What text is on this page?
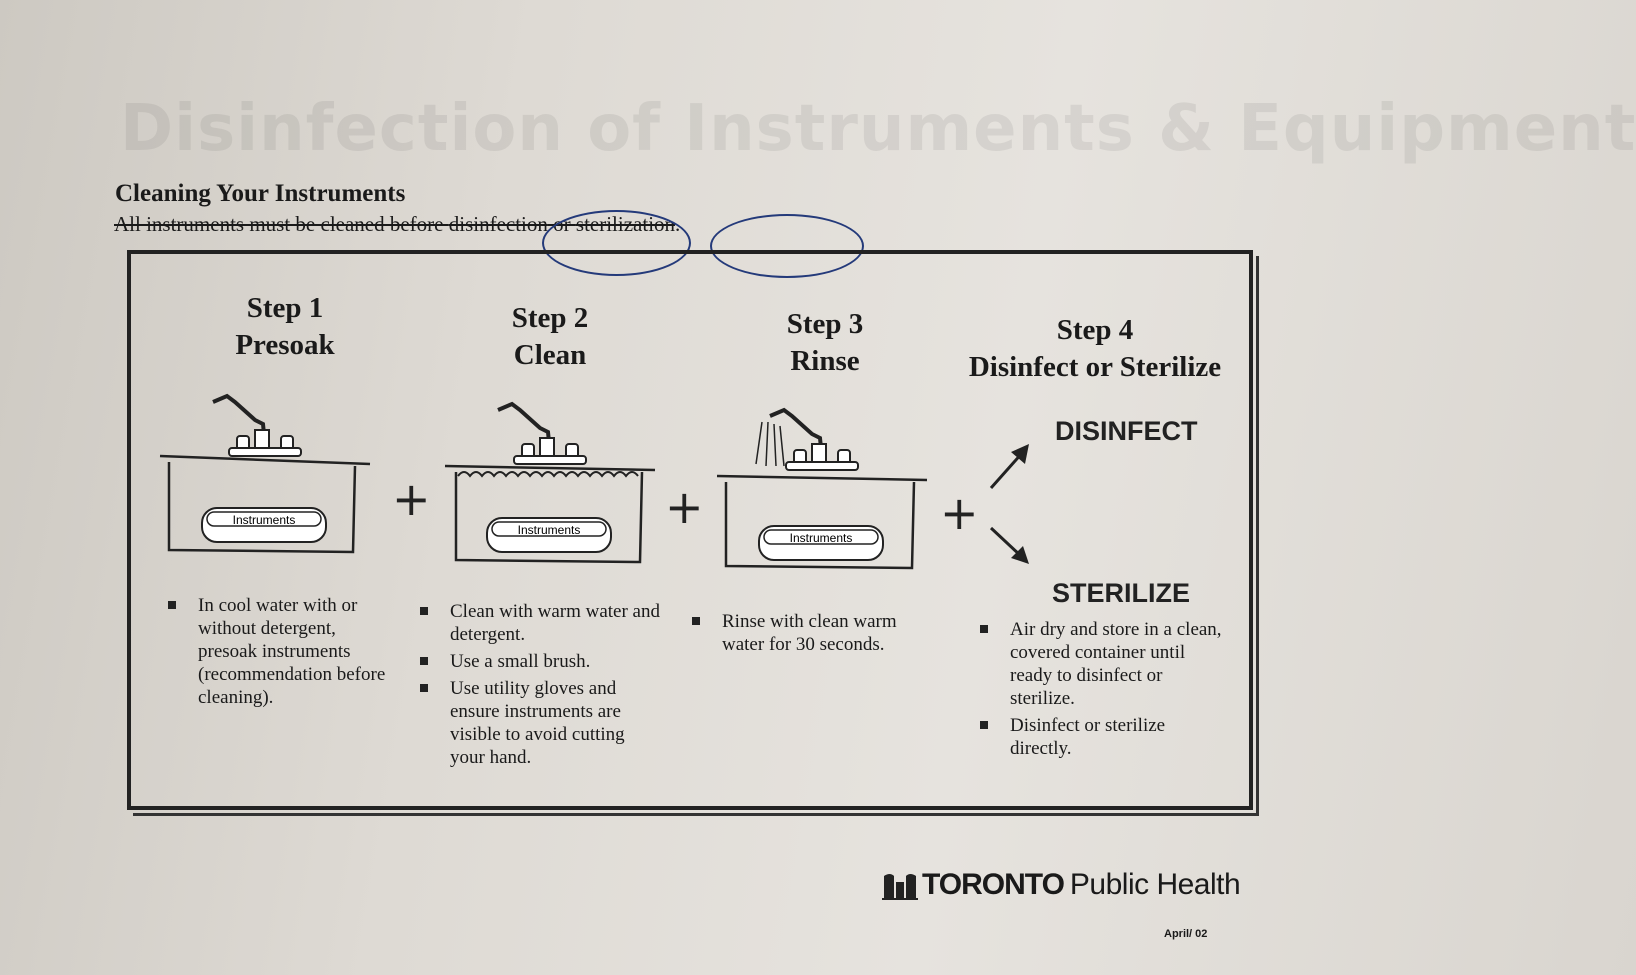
Disinfection of Instruments & Equipment
Cleaning Your Instruments
All instruments must be cleaned before disinfection or sterilization.
Step 1
Presoak
Step 2
Clean
Step 3
Rinse
Step 4
Disinfect or Sterilize
Instruments
Instruments
Instruments
+	+	+
DISINFECT
STERILIZE
In cool water with or without detergent, presoak instruments (recommendation before cleaning).
Clean with warm water and detergent.
Use a small brush.
Use utility gloves and ensure instruments are visible to avoid cutting your hand.
Rinse with clean warm water for 30 seconds.
Air dry and store in a clean, covered container until ready to disinfect or sterilize.
Disinfect or sterilize directly.
TORONTO Public Health
April/ 02
